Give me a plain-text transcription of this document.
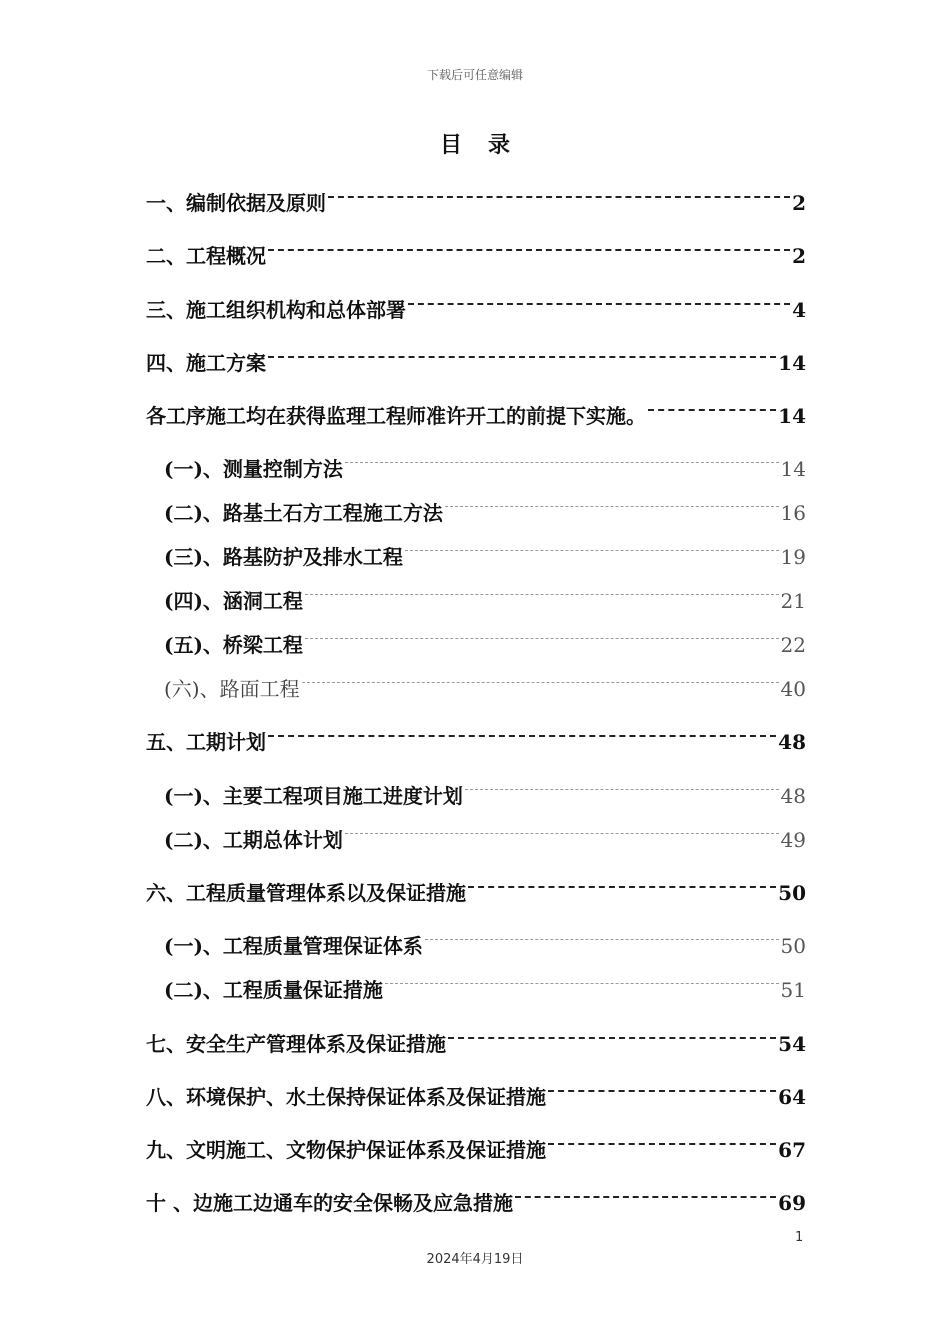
下载后可任意编辑
目录
一、编制依据及原则	2
二、工程概况	2
三、施工组织机构和总体部署	4
四、施工方案	14
各工序施工均在获得监理工程师准许开工的前提下实施。	14
(一)、测量控制方法	14
(二)、路基土石方工程施工方法	16
(三)、路基防护及排水工程	19
(四)、涵洞工程	21
(五)、桥梁工程	22
(六)、路面工程	40
五、工期计划	48
(一)、主要工程项目施工进度计划	48
(二)、工期总体计划	49
六、工程质量管理体系以及保证措施	50
(一)、工程质量管理保证体系	50
(二)、工程质量保证措施	51
七、安全生产管理体系及保证措施	54
八、环境保护、水土保持保证体系及保证措施	64
九、文明施工、文物保护保证体系及保证措施	67
十 、边施工边通车的安全保畅及应急措施	69
1
2024年4月19日
